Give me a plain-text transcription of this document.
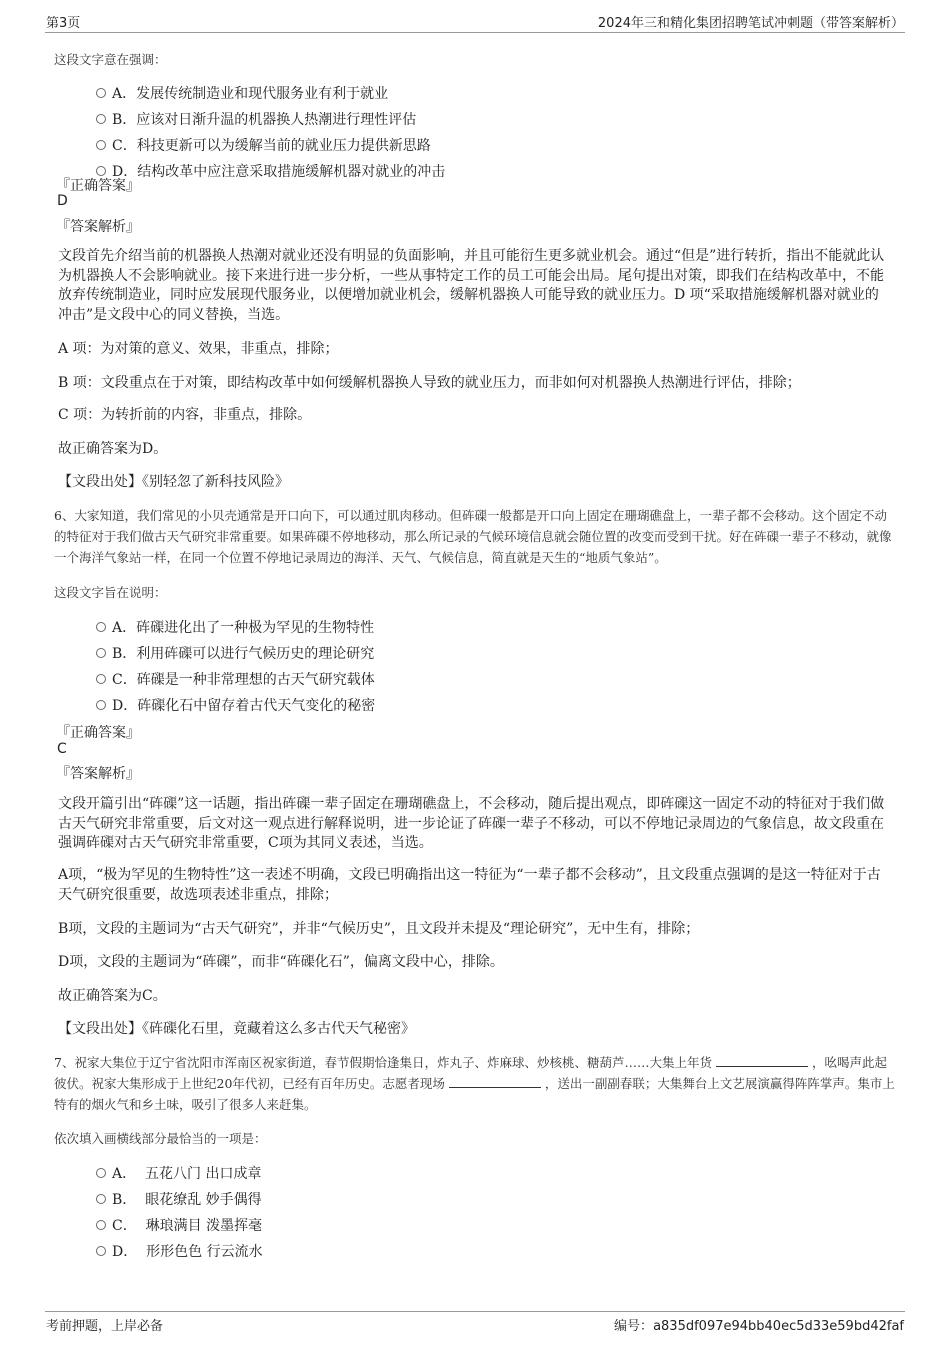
第3页	2024年三和精化集团招聘笔试冲刺题（带答案解析）
这段文字意在强调：
A．发展传统制造业和现代服务业有利于就业
B．应该对日渐升温的机器换人热潮进行理性评估
C．科技更新可以为缓解当前的就业压力提供新思路
D．结构改革中应注意采取措施缓解机器对就业的冲击
『正确答案』
D
『答案解析』
文段首先介绍当前的机器换人热潮对就业还没有明显的负面影响，并且可能衍生更多就业机会。通过“但是”进行转折，指出不能就此认为机器换人不会影响就业。接下来进行进一步分析，一些从事特定工作的员工可能会出局。尾句提出对策，即我们在结构改革中，不能放弃传统制造业，同时应发展现代服务业，以便增加就业机会，缓解机器换人可能导致的就业压力。D 项“采取措施缓解机器对就业的冲击”是文段中心的同义替换，当选。
A 项：为对策的意义、效果，非重点，排除；
B 项：文段重点在于对策，即结构改革中如何缓解机器换人导致的就业压力，而非如何对机器换人热潮进行评估，排除；
C 项：为转折前的内容，非重点，排除。
故正确答案为D。
【文段出处】《别轻忽了新科技风险》
6、大家知道，我们常见的小贝壳通常是开口向下，可以通过肌肉移动。但砗磲一般都是开口向上固定在珊瑚礁盘上，一辈子都不会移动。这个固定不动的特征对于我们做古天气研究非常重要。如果砗磲不停地移动，那么所记录的气候环境信息就会随位置的改变而受到干扰。好在砗磲一辈子不移动，就像一个海洋气象站一样，在同一个位置不停地记录周边的海洋、天气、气候信息，简直就是天生的“地质气象站”。
这段文字旨在说明：
A．砗磲进化出了一种极为罕见的生物特性
B．利用砗磲可以进行气候历史的理论研究
C．砗磲是一种非常理想的古天气研究载体
D．砗磲化石中留存着古代天气变化的秘密
『正确答案』
C
『答案解析』
文段开篇引出“砗磲”这一话题，指出砗磲一辈子固定在珊瑚礁盘上，不会移动，随后提出观点，即砗磲这一固定不动的特征对于我们做古天气研究非常重要，后文对这一观点进行解释说明，进一步论证了砗磲一辈子不移动，可以不停地记录周边的气象信息，故文段重在强调砗磲对古天气研究非常重要，C项为其同义表述，当选。
A项，“极为罕见的生物特性”这一表述不明确，文段已明确指出这一特征为“一辈子都不会移动”，且文段重点强调的是这一特征对于古天气研究很重要，故选项表述非重点，排除；
B项，文段的主题词为“古天气研究”，并非“气候历史”，且文段并未提及“理论研究”，无中生有，排除；
D项，文段的主题词为“砗磲”，而非“砗磲化石”，偏离文段中心，排除。
故正确答案为C。
【文段出处】《砗磲化石里，竟藏着这么多古代天气秘密》
7、祝家大集位于辽宁省沈阳市浑南区祝家街道，春节假期恰逢集日，炸丸子、炸麻球、炒核桃、糖葫芦……大集上年货	，吆喝声此起彼伏。祝家大集形成于上世纪20年代初，已经有百年历史。志愿者现场	，送出一副副春联；大集舞台上文艺展演赢得阵阵掌声。集市上特有的烟火气和乡土味，吸引了很多人来赶集。
依次填入画横线部分最恰当的一项是：
A． 五花八门 出口成章
B． 眼花缭乱 妙手偶得
C． 琳琅满目 泼墨挥毫
D． 形形色色 行云流水
考前押题，上岸必备	编号：a835df097e94bb40ec5d33e59bd42faf
